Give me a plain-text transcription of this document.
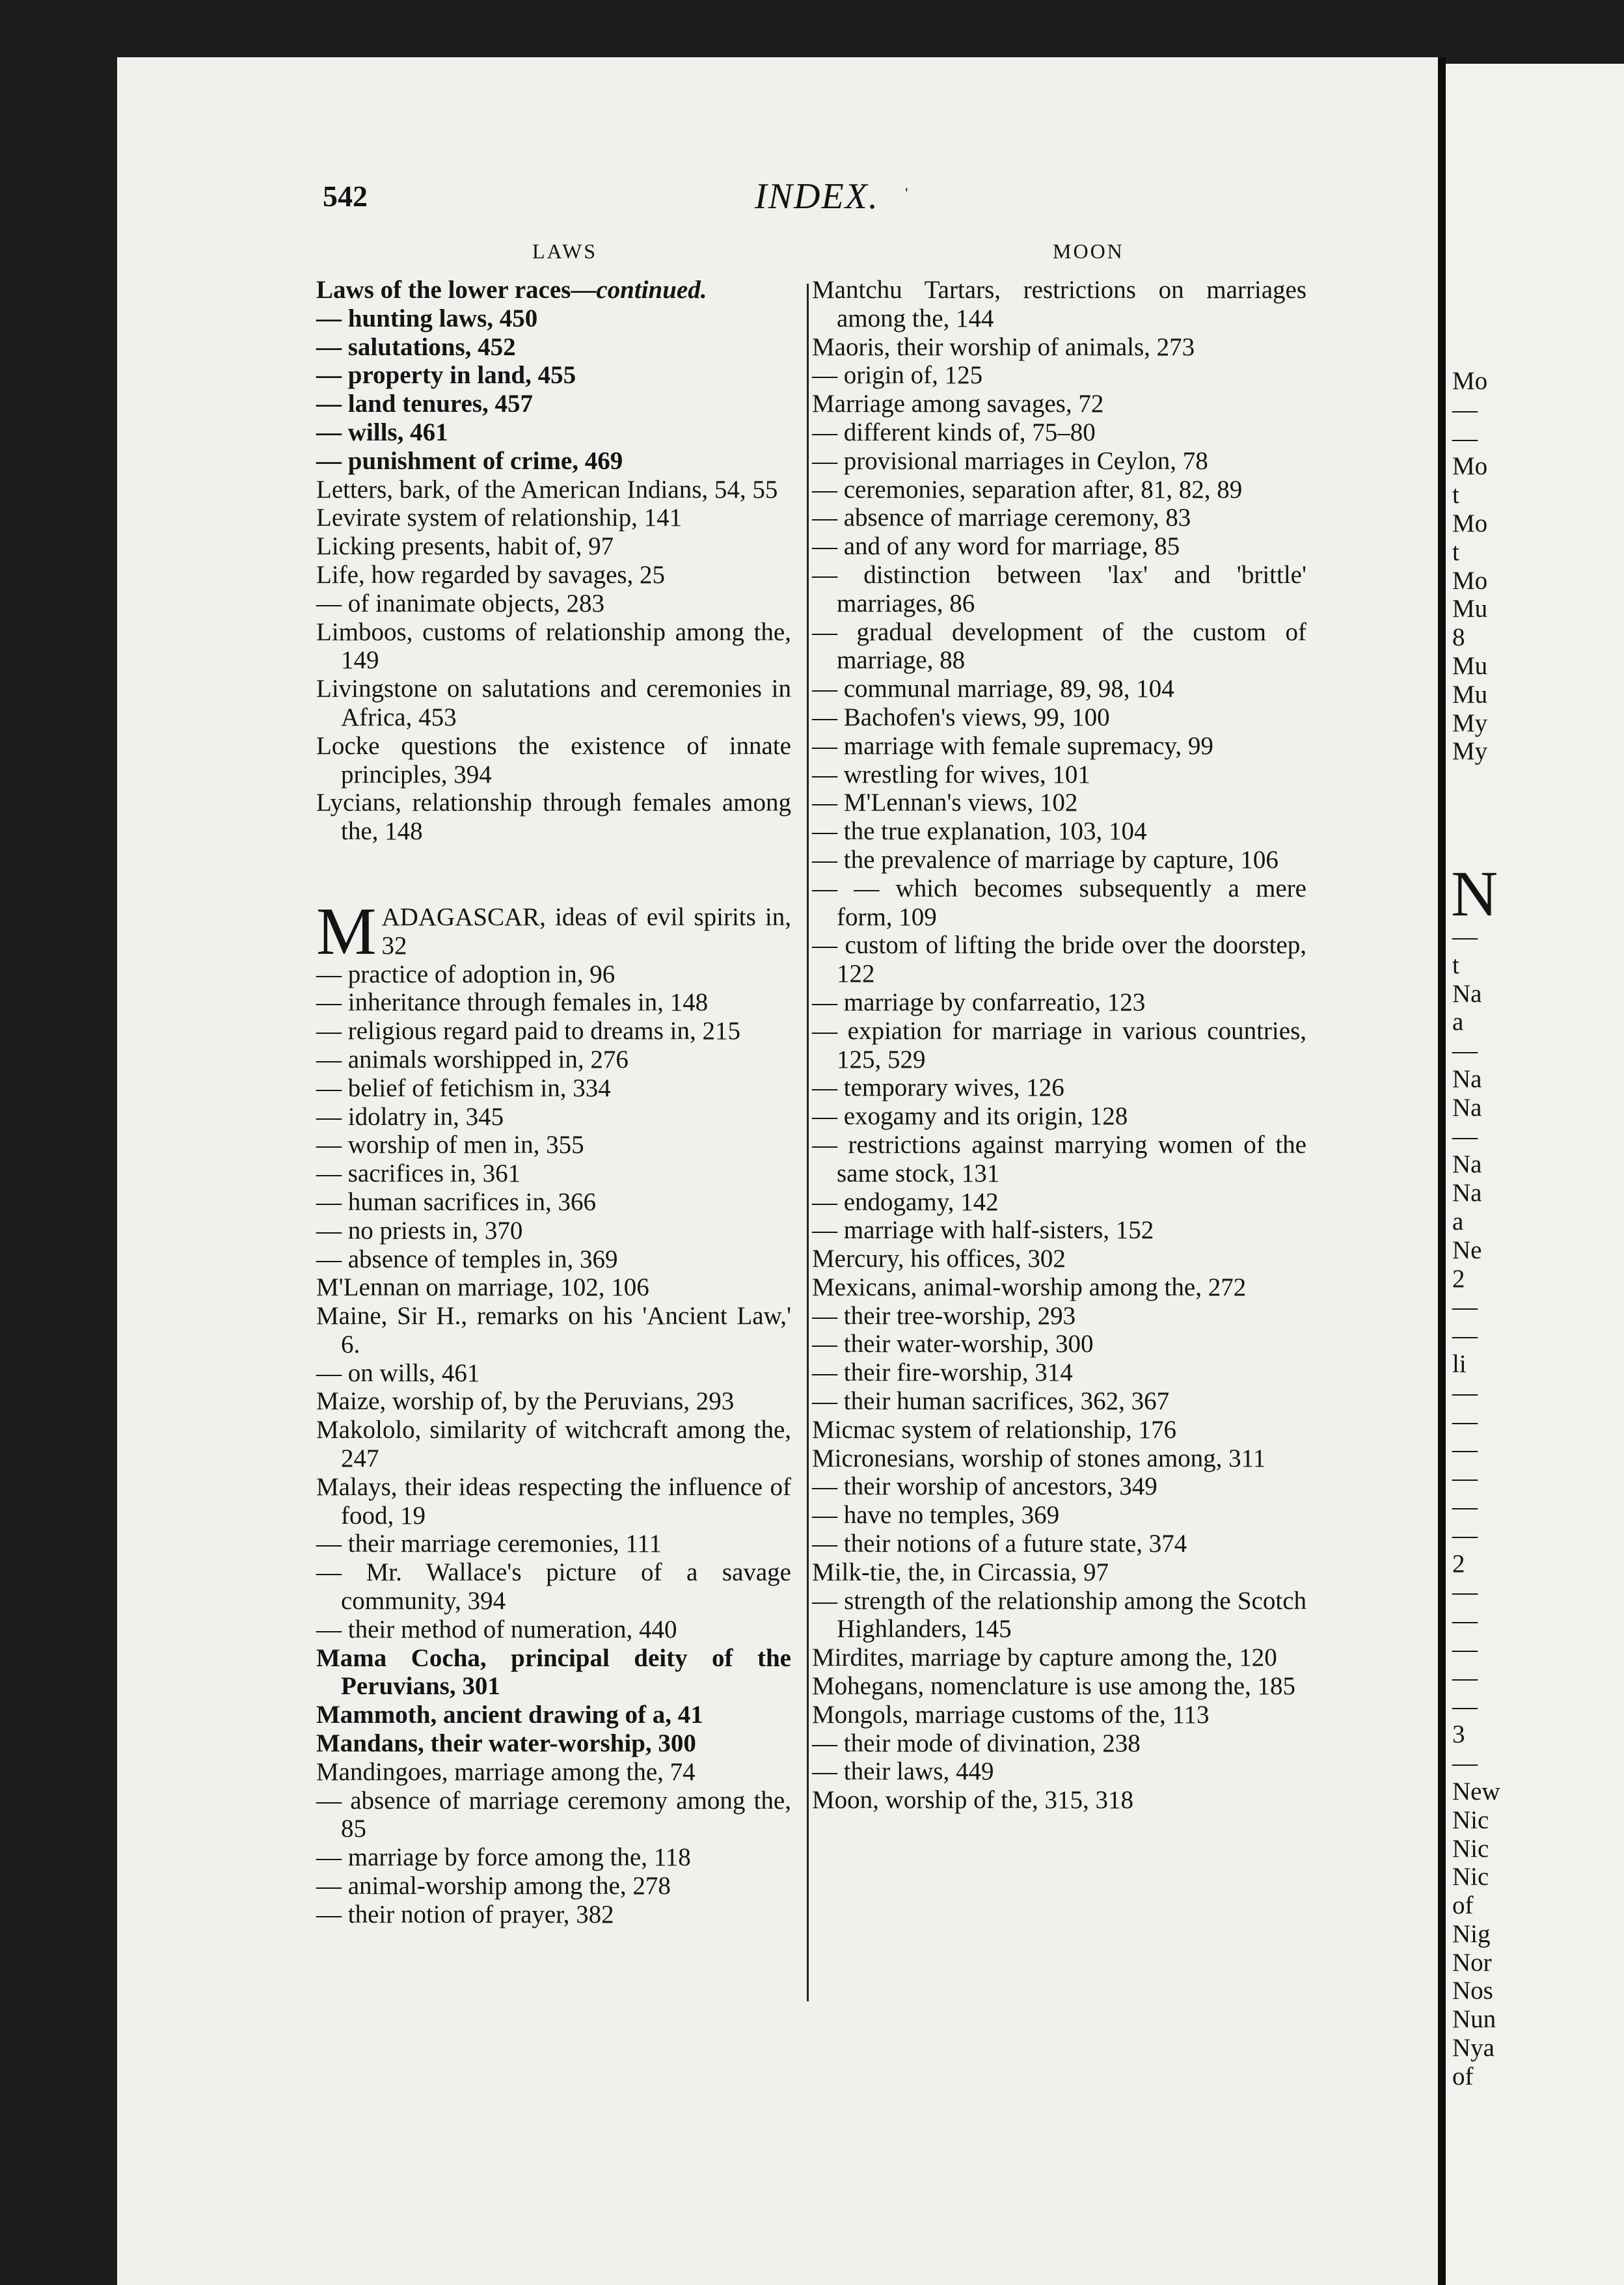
Mo
—
—
Mo
t
Mo
t
Mo
Mu
8
Mu
Mu
My
My
N
—
t
Na
a
—
Na
Na
—
Na
Na
a
Ne
2
—
—
li
—
—
—
—
—
—
2
—
—
—
—
—
3
—
New
Nic
Nic
Nic
of
Nig
Nor
Nos
Nun
Nya
of
542	INDEX. ˈ
LAWS	MOON
Laws of the lower races—continued.
— hunting laws, 450
— salutations, 452
— property in land, 455
— land tenures, 457
— wills, 461
— punishment of crime, 469
Letters, bark, of the American Indians, 54, 55
Levirate system of relationship, 141
Licking presents, habit of, 97
Life, how regarded by savages, 25
— of inanimate objects, 283
Limboos, customs of relationship among the, 149
Livingstone on salutations and ceremonies in Africa, 453
Locke questions the existence of innate principles, 394
Lycians, relationship through females among the, 148
MADAGASCAR, ideas of evil spirits in, 32
— practice of adoption in, 96
— inheritance through females in, 148
— religious regard paid to dreams in, 215
— animals worshipped in, 276
— belief of fetichism in, 334
— idolatry in, 345
— worship of men in, 355
— sacrifices in, 361
— human sacrifices in, 366
— no priests in, 370
— absence of temples in, 369
M'Lennan on marriage, 102, 106
Maine, Sir H., remarks on his 'Ancient Law,' 6.
— on wills, 461
Maize, worship of, by the Peruvians, 293
Makololo, similarity of witchcraft among the, 247
Malays, their ideas respecting the influence of food, 19
— their marriage ceremonies, 111
— Mr. Wallace's picture of a savage community, 394
— their method of numeration, 440
Mama Cocha, principal deity of the Peruvians, 301
Mammoth, ancient drawing of a, 41
Mandans, their water-worship, 300
Mandingoes, marriage among the, 74
— absence of marriage ceremony among the, 85
— marriage by force among the, 118
— animal-worship among the, 278
— their notion of prayer, 382
Mantchu Tartars, restrictions on marriages among the, 144
Maoris, their worship of animals, 273
— origin of, 125
Marriage among savages, 72
— different kinds of, 75–80
— provisional marriages in Ceylon, 78
— ceremonies, separation after, 81, 82, 89
— absence of marriage ceremony, 83
— and of any word for marriage, 85
— distinction between 'lax' and 'brittle' marriages, 86
— gradual development of the custom of marriage, 88
— communal marriage, 89, 98, 104
— Bachofen's views, 99, 100
— marriage with female supremacy, 99
— wrestling for wives, 101
— M'Lennan's views, 102
— the true explanation, 103, 104
— the prevalence of marriage by capture, 106
— — which becomes subsequently a mere form, 109
— custom of lifting the bride over the doorstep, 122
— marriage by confarreatio, 123
— expiation for marriage in various countries, 125, 529
— temporary wives, 126
— exogamy and its origin, 128
— restrictions against marrying women of the same stock, 131
— endogamy, 142
— marriage with half-sisters, 152
Mercury, his offices, 302
Mexicans, animal-worship among the, 272
— their tree-worship, 293
— their water-worship, 300
— their fire-worship, 314
— their human sacrifices, 362, 367
Micmac system of relationship, 176
Micronesians, worship of stones among, 311
— their worship of ancestors, 349
— have no temples, 369
— their notions of a future state, 374
Milk-tie, the, in Circassia, 97
— strength of the relationship among the Scotch Highlanders, 145
Mirdites, marriage by capture among the, 120
Mohegans, nomenclature is use among the, 185
Mongols, marriage customs of the, 113
— their mode of divination, 238
— their laws, 449
Moon, worship of the, 315, 318
